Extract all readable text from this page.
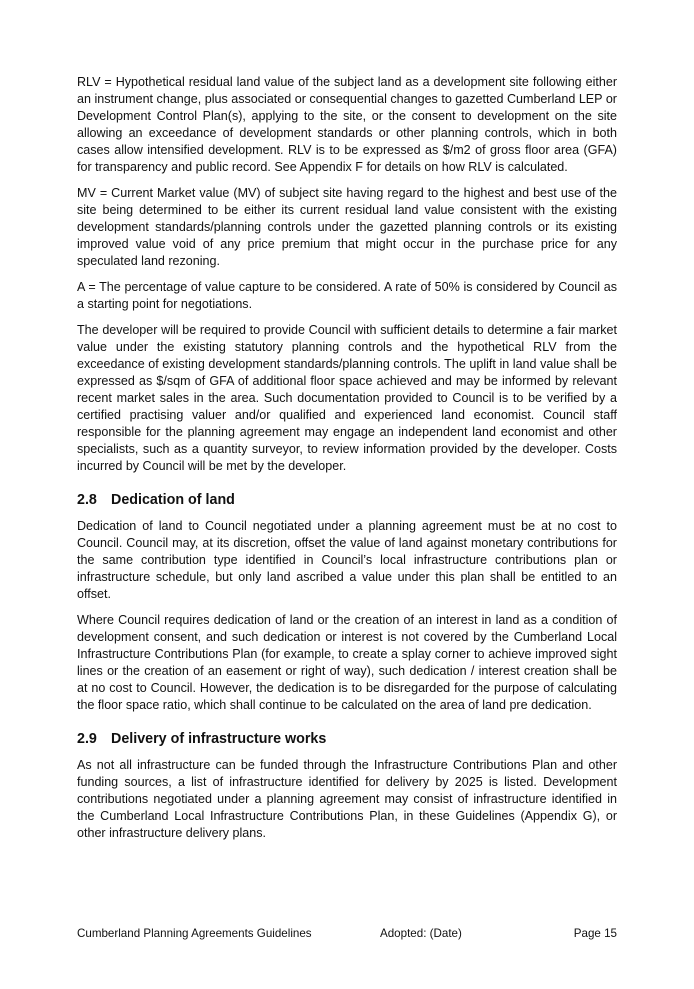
RLV = Hypothetical residual land value of the subject land as a development site following either an instrument change, plus associated or consequential changes to gazetted Cumberland LEP or Development Control Plan(s), applying to the site, or the consent to development on the site allowing an exceedance of development standards or other planning controls, which in both cases allow intensified development. RLV is to be expressed as $/m2 of gross floor area (GFA) for transparency and public record. See Appendix F for details on how RLV is calculated.

MV = Current Market value (MV) of subject site having regard to the highest and best use of the site being determined to be either its current residual land value consistent with the existing development standards/planning controls under the gazetted planning controls or its existing improved value void of any price premium that might occur in the purchase price for any speculated land rezoning.

A = The percentage of value capture to be considered. A rate of 50% is considered by Council as a starting point for negotiations.

The developer will be required to provide Council with sufficient details to determine a fair market value under the existing statutory planning controls and the hypothetical RLV from the exceedance of existing development standards/planning controls. The uplift in land value shall be expressed as $/sqm of GFA of additional floor space achieved and may be informed by relevant recent market sales in the area. Such documentation provided to Council is to be verified by a certified practising valuer and/or qualified and experienced land economist. Council staff responsible for the planning agreement may engage an independent land economist and other specialists, such as a quantity surveyor, to review information provided by the developer. Costs incurred by Council will be met by the developer.

2.8 Dedication of land

Dedication of land to Council negotiated under a planning agreement must be at no cost to Council. Council may, at its discretion, offset the value of land against monetary contributions for the same contribution type identified in Council’s local infrastructure contributions plan or infrastructure schedule, but only land ascribed a value under this plan shall be entitled to an offset.

Where Council requires dedication of land or the creation of an interest in land as a condition of development consent, and such dedication or interest is not covered by the Cumberland Local Infrastructure Contributions Plan (for example, to create a splay corner to achieve improved sight lines or the creation of an easement or right of way), such dedication / interest creation shall be at no cost to Council. However, the dedication is to be disregarded for the purpose of calculating the floor space ratio, which shall continue to be calculated on the area of land pre dedication.

2.9 Delivery of infrastructure works

As not all infrastructure can be funded through the Infrastructure Contributions Plan and other funding sources, a list of infrastructure identified for delivery by 2025 is listed. Development contributions negotiated under a planning agreement may consist of infrastructure identified in the Cumberland Local Infrastructure Contributions Plan, in these Guidelines (Appendix G), or other infrastructure delivery plans.

Cumberland Planning Agreements Guidelines	Adopted: (Date)	Page 15
